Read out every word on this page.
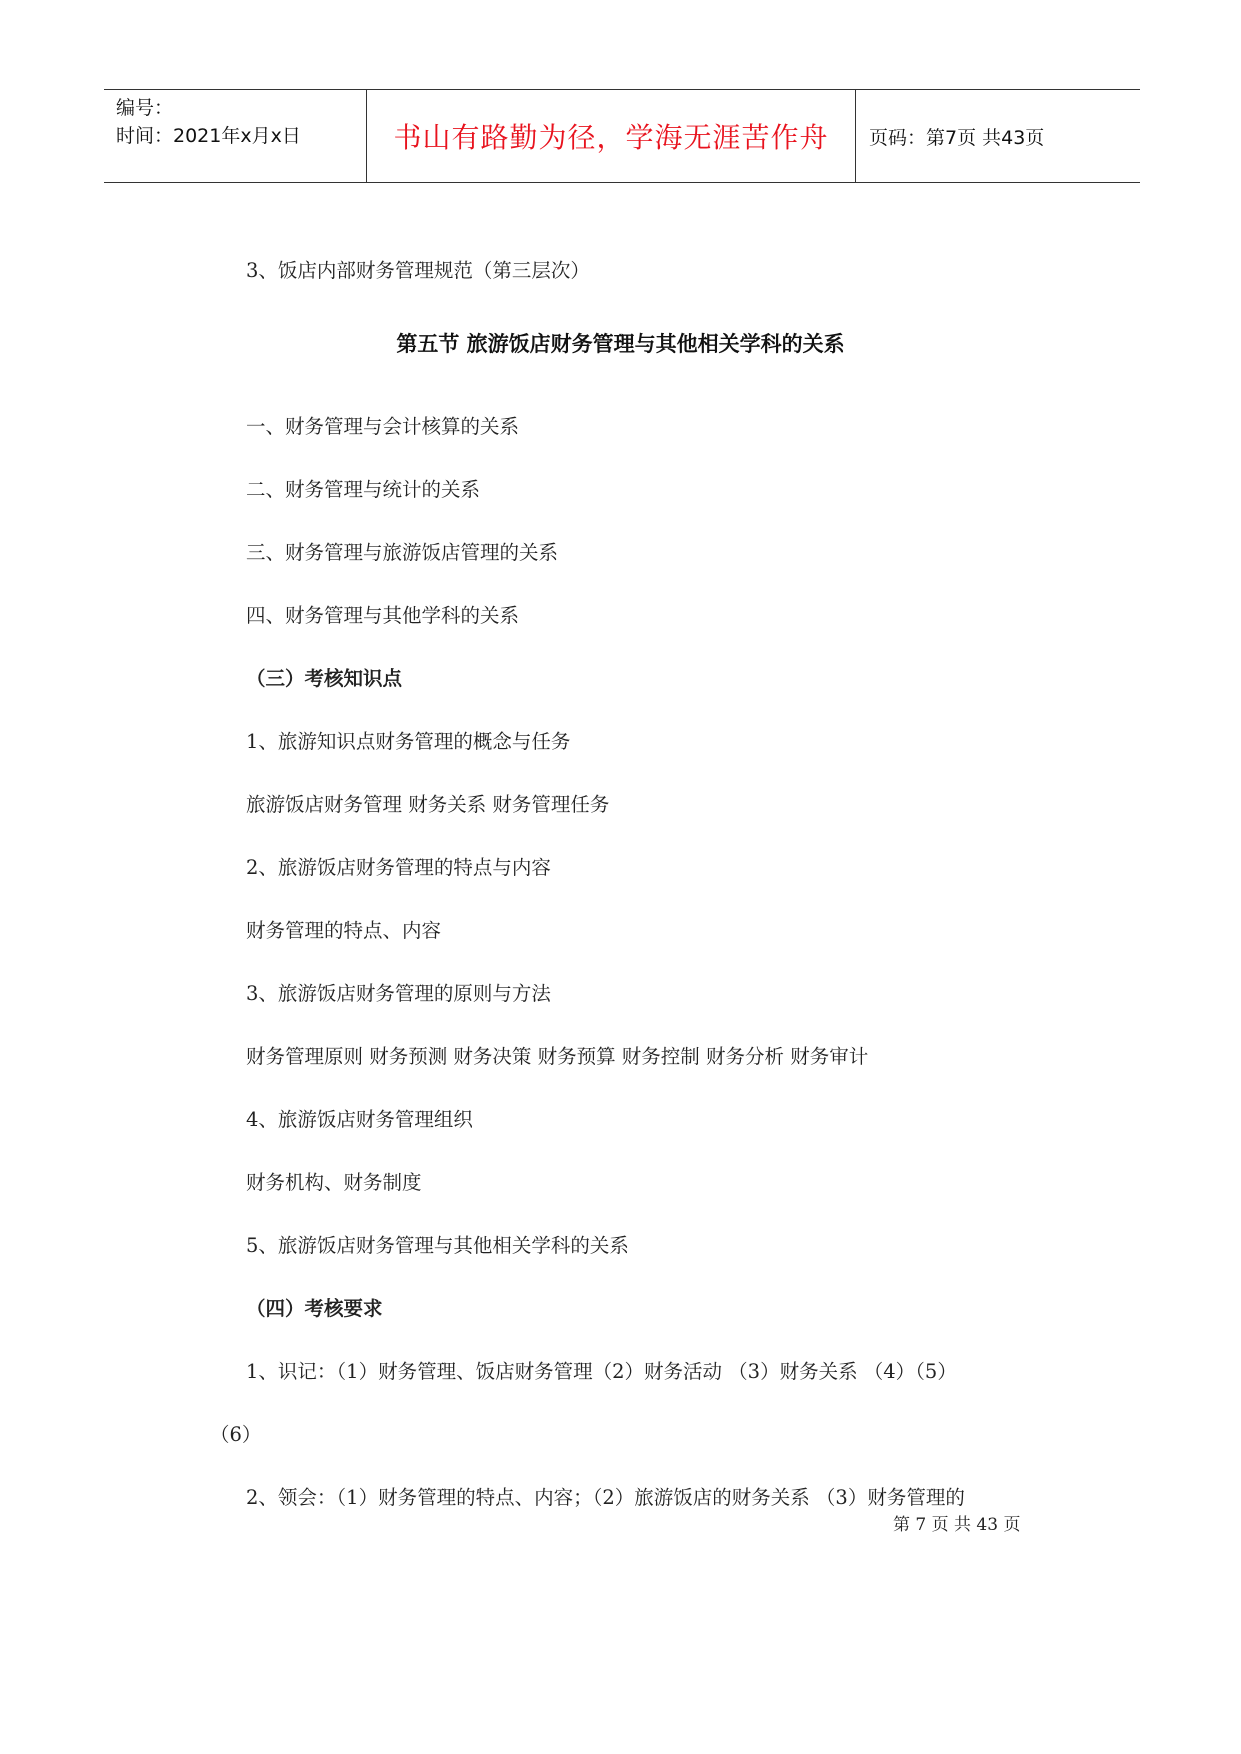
编号：
时间：2021年x月x日	书山有路勤为径，学海无涯苦作舟	页码：第7页 共43页
3、饭店内部财务管理规范（第三层次）
第五节 旅游饭店财务管理与其他相关学科的关系
一、财务管理与会计核算的关系
二、财务管理与统计的关系
三、财务管理与旅游饭店管理的关系
四、财务管理与其他学科的关系
（三）考核知识点
1、旅游知识点财务管理的概念与任务
旅游饭店财务管理 财务关系 财务管理任务
2、旅游饭店财务管理的特点与内容
财务管理的特点、内容
3、旅游饭店财务管理的原则与方法
财务管理原则 财务预测 财务决策 财务预算 财务控制 财务分析 财务审计
4、旅游饭店财务管理组织
财务机构、财务制度
5、旅游饭店财务管理与其他相关学科的关系
（四）考核要求
1、识记：（1）财务管理、饭店财务管理（2）财务活动 （3）财务关系 （4）（5）
（6）
2、领会：（1）财务管理的特点、内容；（2）旅游饭店的财务关系 （3）财务管理的
第 7 页 共 43 页
